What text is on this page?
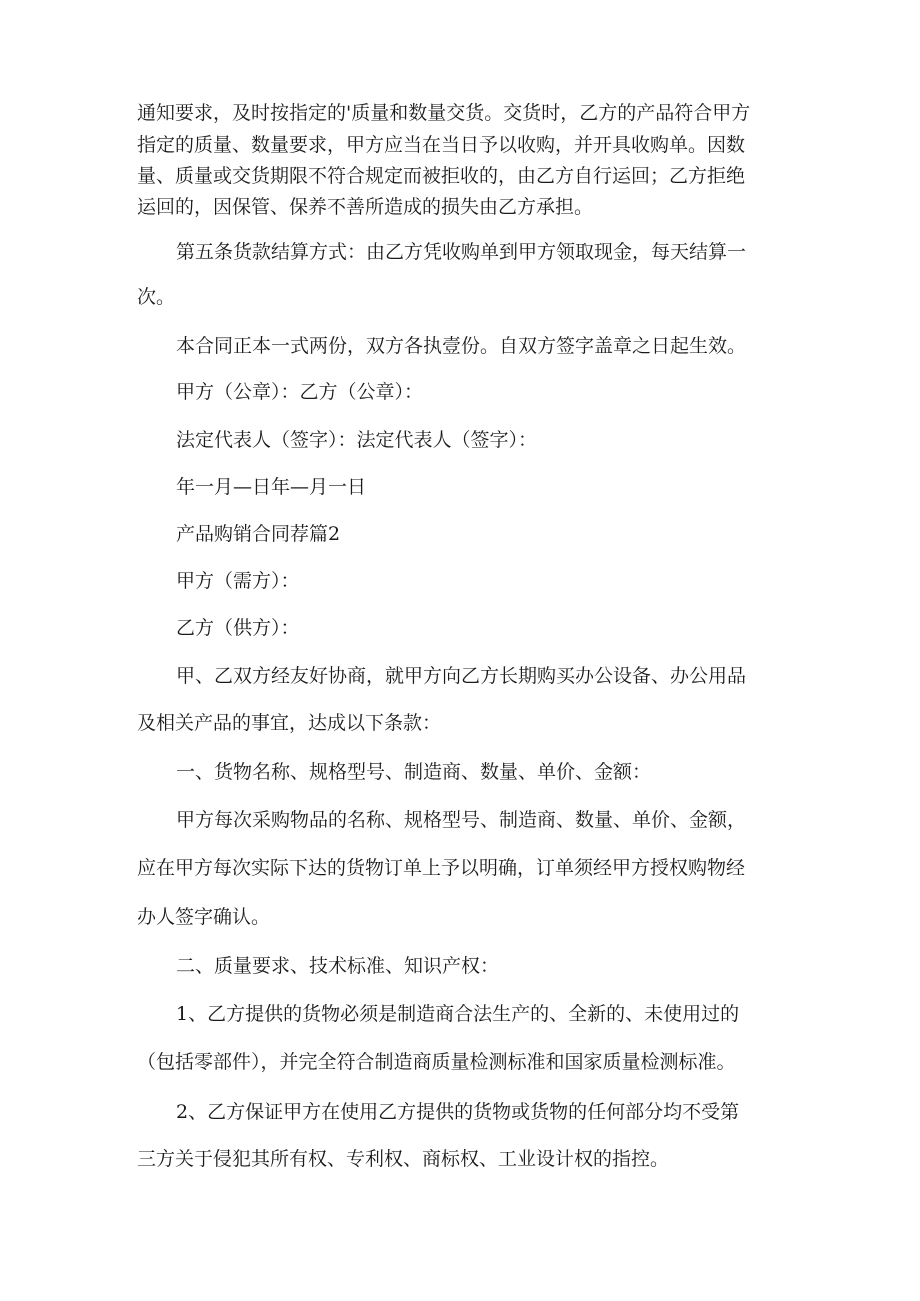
通知要求，及时按指定的'质量和数量交货。交货时，乙方的产品符合甲方

指定的质量、数量要求，甲方应当在当日予以收购，并开具收购单。因数

量、质量或交货期限不符合规定而被拒收的，由乙方自行运回；乙方拒绝

运回的，因保管、保养不善所造成的损失由乙方承担。

第五条货款结算方式：由乙方凭收购单到甲方领取现金，每天结算一

次。

本合同正本一式两份，双方各执壹份。自双方签字盖章之日起生效。

甲方（公章）：乙方（公章）：

法定代表人（签字）：法定代表人（签字）：

年一月—日年—月一日

产品购销合同荐篇2

甲方（需方）：

乙方（供方）：

甲、乙双方经友好协商，就甲方向乙方长期购买办公设备、办公用品

及相关产品的事宜，达成以下条款：

一、货物名称、规格型号、制造商、数量、单价、金额：

甲方每次采购物品的名称、规格型号、制造商、数量、单价、金额，

应在甲方每次实际下达的货物订单上予以明确，订单须经甲方授权购物经

办人签字确认。

二、质量要求、技术标准、知识产权：

1、乙方提供的货物必须是制造商合法生产的、全新的、未使用过的

（包括零部件），并完全符合制造商质量检测标准和国家质量检测标准。

2、乙方保证甲方在使用乙方提供的货物或货物的任何部分均不受第

三方关于侵犯其所有权、专利权、商标权、工业设计权的指控。
